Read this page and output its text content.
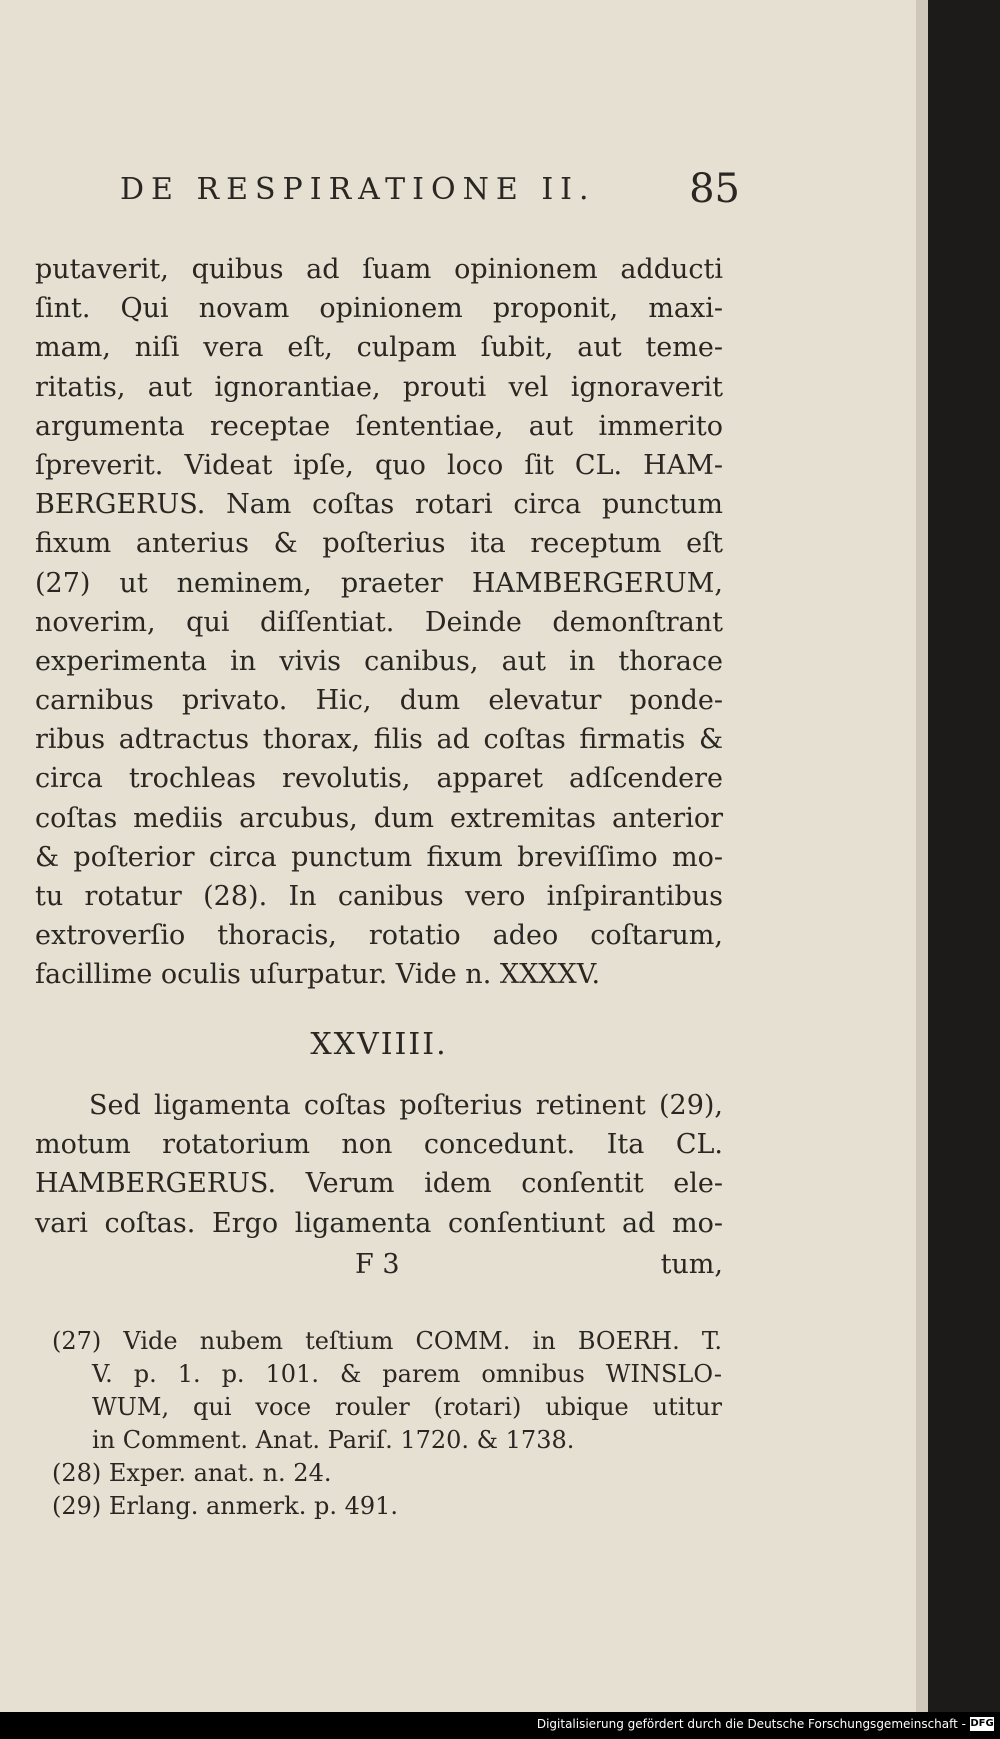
DE RESPIRATIONE II. 85
putaverit, quibus ad ſuam opinionem adducti
ſint. Qui novam opinionem proponit, maxi-
mam, niſi vera eſt, culpam ſubit, aut teme-
ritatis, aut ignorantiae, prouti vel ignoraverit
argumenta receptae ſententiae, aut immerito
ſpreverit. Videat ipſe, quo loco ſit CL. HAM-
BERGERUS. Nam coſtas rotari circa punctum
fixum anterius & poſterius ita receptum eſt
(27) ut neminem, praeter HAMBERGERUM,
noverim, qui diſſentiat. Deinde demonſtrant
experimenta in vivis canibus, aut in thorace
carnibus privato. Hic, dum elevatur ponde-
ribus adtractus thorax, filis ad coſtas firmatis &
circa trochleas revolutis, apparet adſcendere
coſtas mediis arcubus, dum extremitas anterior
& poſterior circa punctum fixum breviſſimo mo-
tu rotatur (28). In canibus vero inſpirantibus
extroverſio thoracis, rotatio adeo coſtarum,
facillime oculis uſurpatur. Vide n. XXXXV.
XXVIIII.
Sed ligamenta coſtas poſterius retinent (29),
motum rotatorium non concedunt. Ita CL.
HAMBERGERUS. Verum idem conſentit ele-
vari coſtas. Ergo ligamenta conſentiunt ad mo-
F 3	tum,
(27) Vide nubem teſtium COMM. in BOERH. T.
V. p. 1. p. 101. & parem omnibus WINSLO-
WUM, qui voce rouler (rotari) ubique utitur
in Comment. Anat. Pariſ. 1720. & 1738.
(28) Exper. anat. n. 24.
(29) Erlang. anmerk. p. 491.
Digitalisierung gefördert durch die Deutsche Forschungsgemeinschaft - DFG
